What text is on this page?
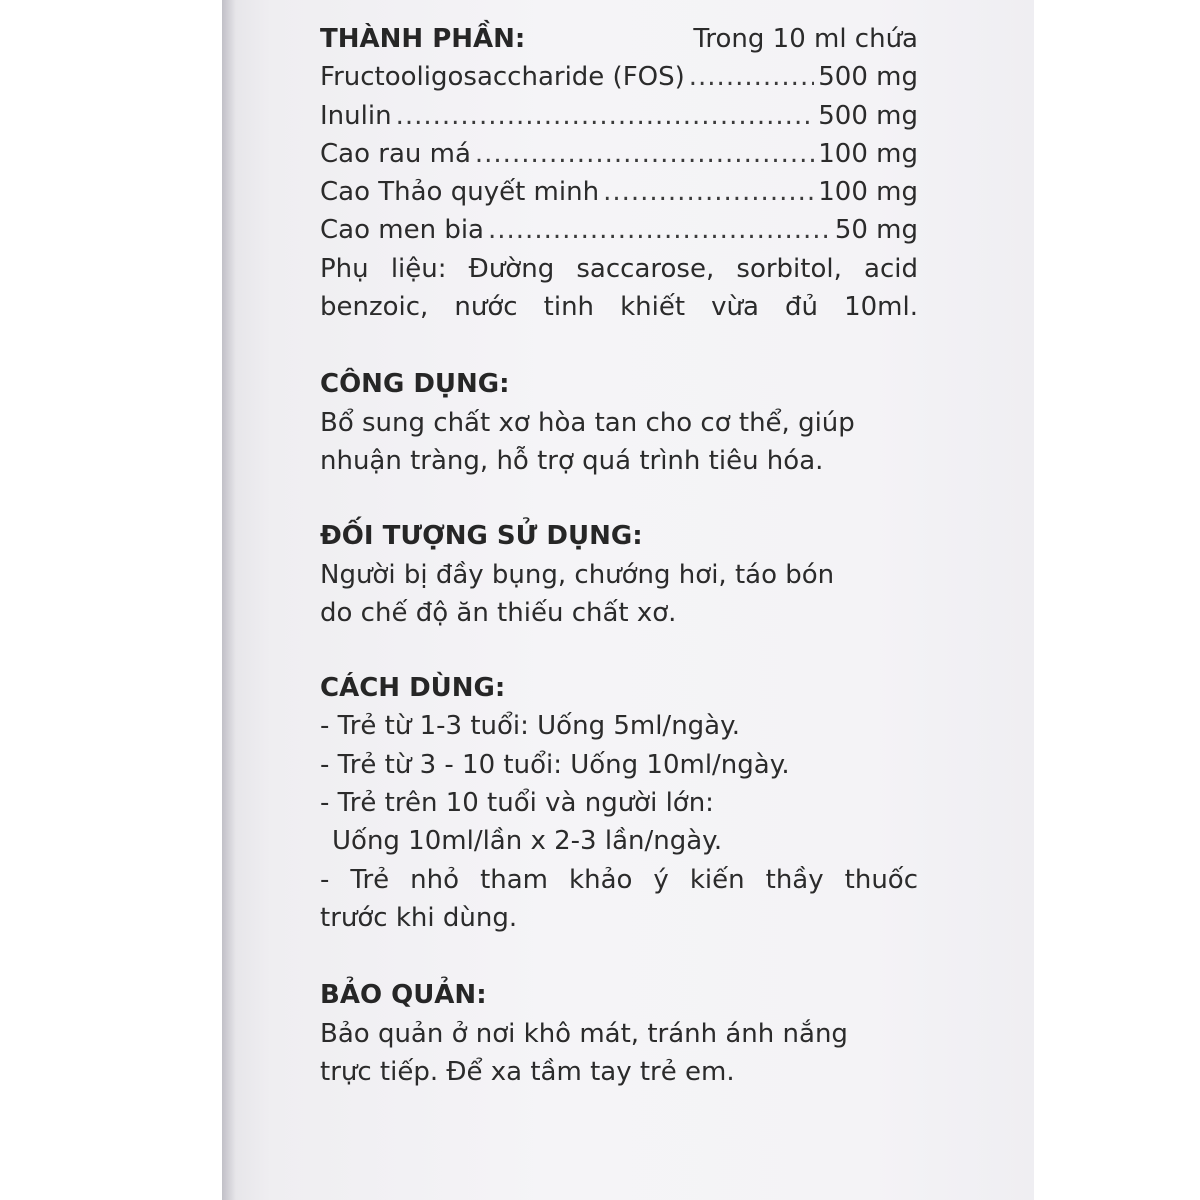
THÀNH PHẦN:	Trong 10 ml chứa
Fructooligosaccharide (FOS) .....	500 mg
Inulin .....	500 mg
Cao rau má .....	100 mg
Cao Thảo quyết minh .....	100 mg
Cao men bia .....	50 mg
Phụ liệu: Đường saccarose, sorbitol, acid
benzoic, nước tinh khiết vừa đủ 10ml.
CÔNG DỤNG:
Bổ sung chất xơ hòa tan cho cơ thể, giúp
nhuận tràng, hỗ trợ quá trình tiêu hóa.
ĐỐI TƯỢNG SỬ DỤNG:
Người bị đầy bụng, chướng hơi, táo bón
do chế độ ăn thiếu chất xơ.
CÁCH DÙNG:
- Trẻ từ 1-3 tuổi: Uống 5ml/ngày.
- Trẻ từ 3 - 10 tuổi: Uống 10ml/ngày.
- Trẻ trên 10 tuổi và người lớn:
Uống 10ml/lần x 2-3 lần/ngày.
- Trẻ nhỏ tham khảo ý kiến thầy thuốc
trước khi dùng.
BẢO QUẢN:
Bảo quản ở nơi khô mát, tránh ánh nắng
trực tiếp. Để xa tầm tay trẻ em.
